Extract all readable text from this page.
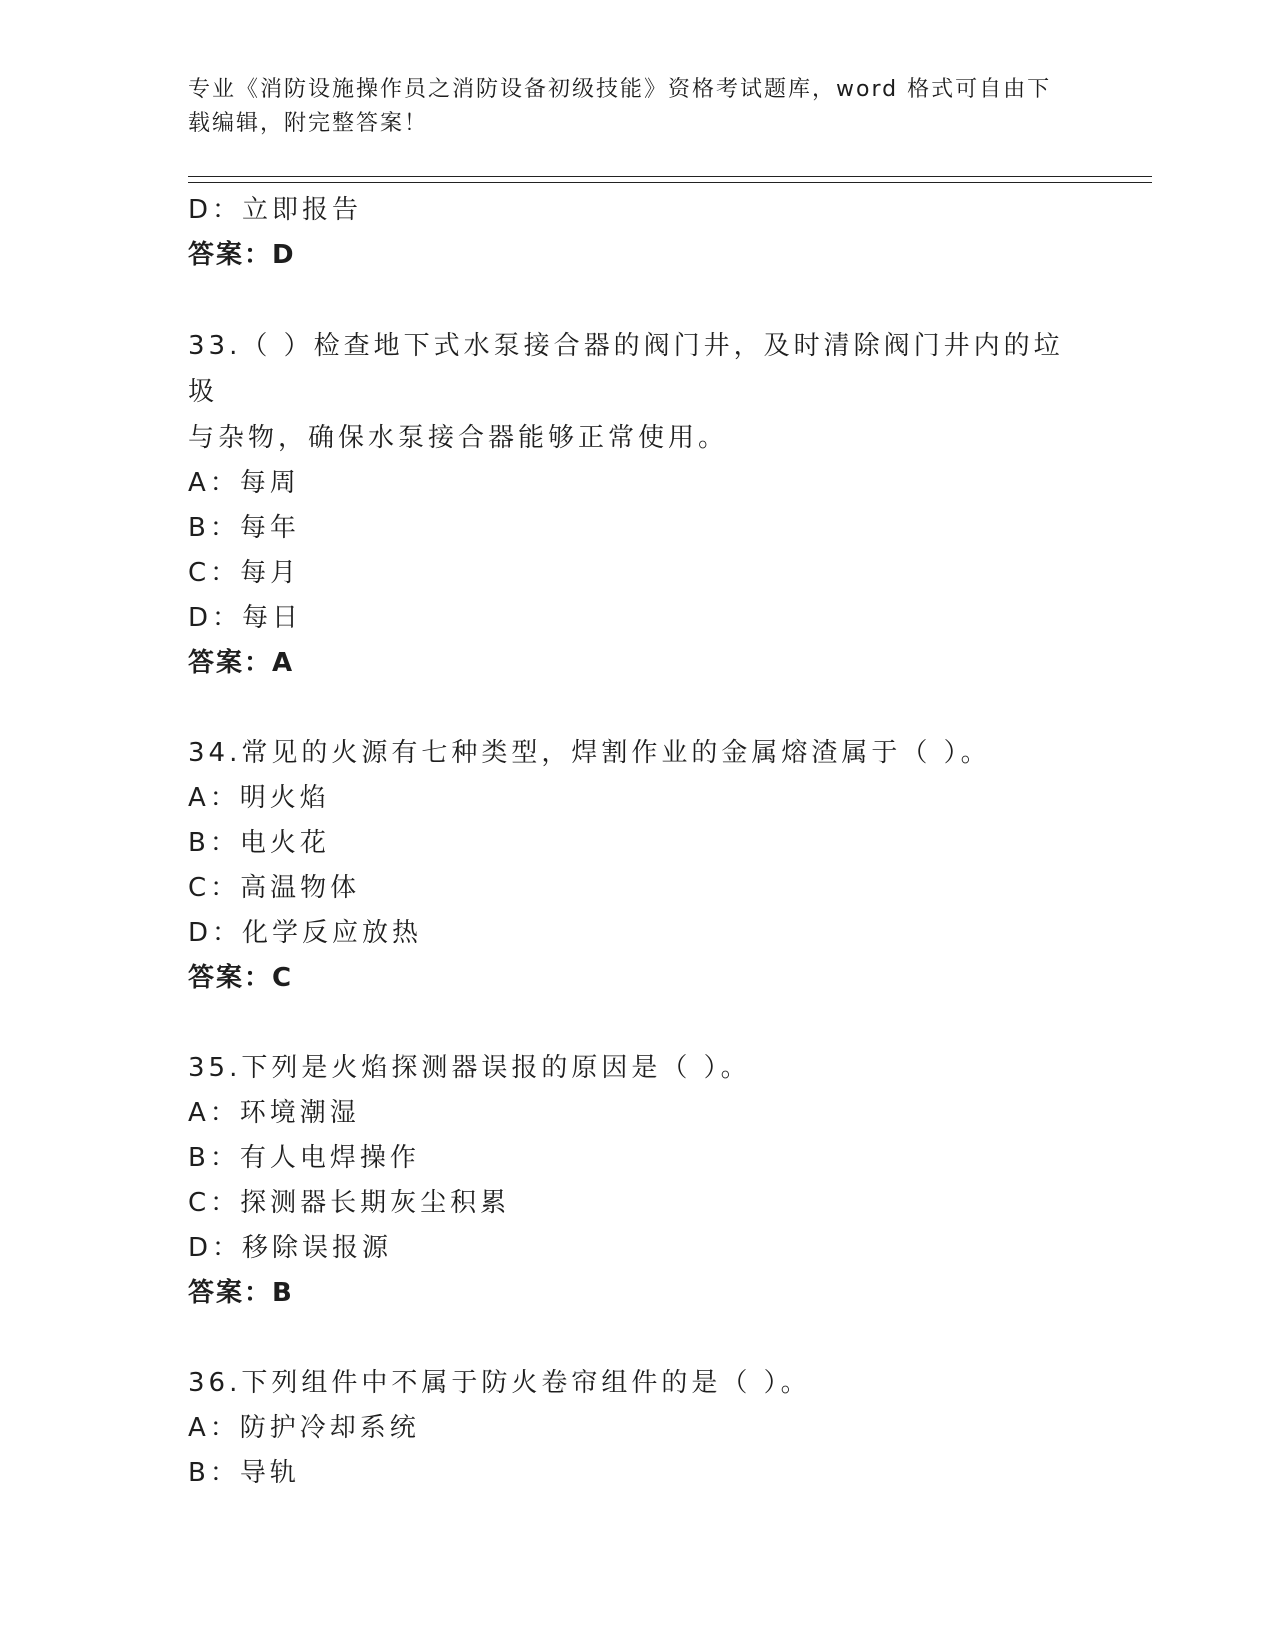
专业《消防设施操作员之消防设备初级技能》资格考试题库，word 格式可自由下
载编辑，附完整答案！
D：立即报告
答案：D
33.（ ）检查地下式水泵接合器的阀门井，及时清除阀门井内的垃圾
与杂物，确保水泵接合器能够正常使用。
A：每周
B：每年
C：每月
D：每日
答案：A
34.常见的火源有七种类型，焊割作业的金属熔渣属于（ ）。
A：明火焰
B：电火花
C：高温物体
D：化学反应放热
答案：C
35.下列是火焰探测器误报的原因是（ ）。
A：环境潮湿
B：有人电焊操作
C：探测器长期灰尘积累
D：移除误报源
答案：B
36.下列组件中不属于防火卷帘组件的是（ ）。
A：防护冷却系统
B：导轨
